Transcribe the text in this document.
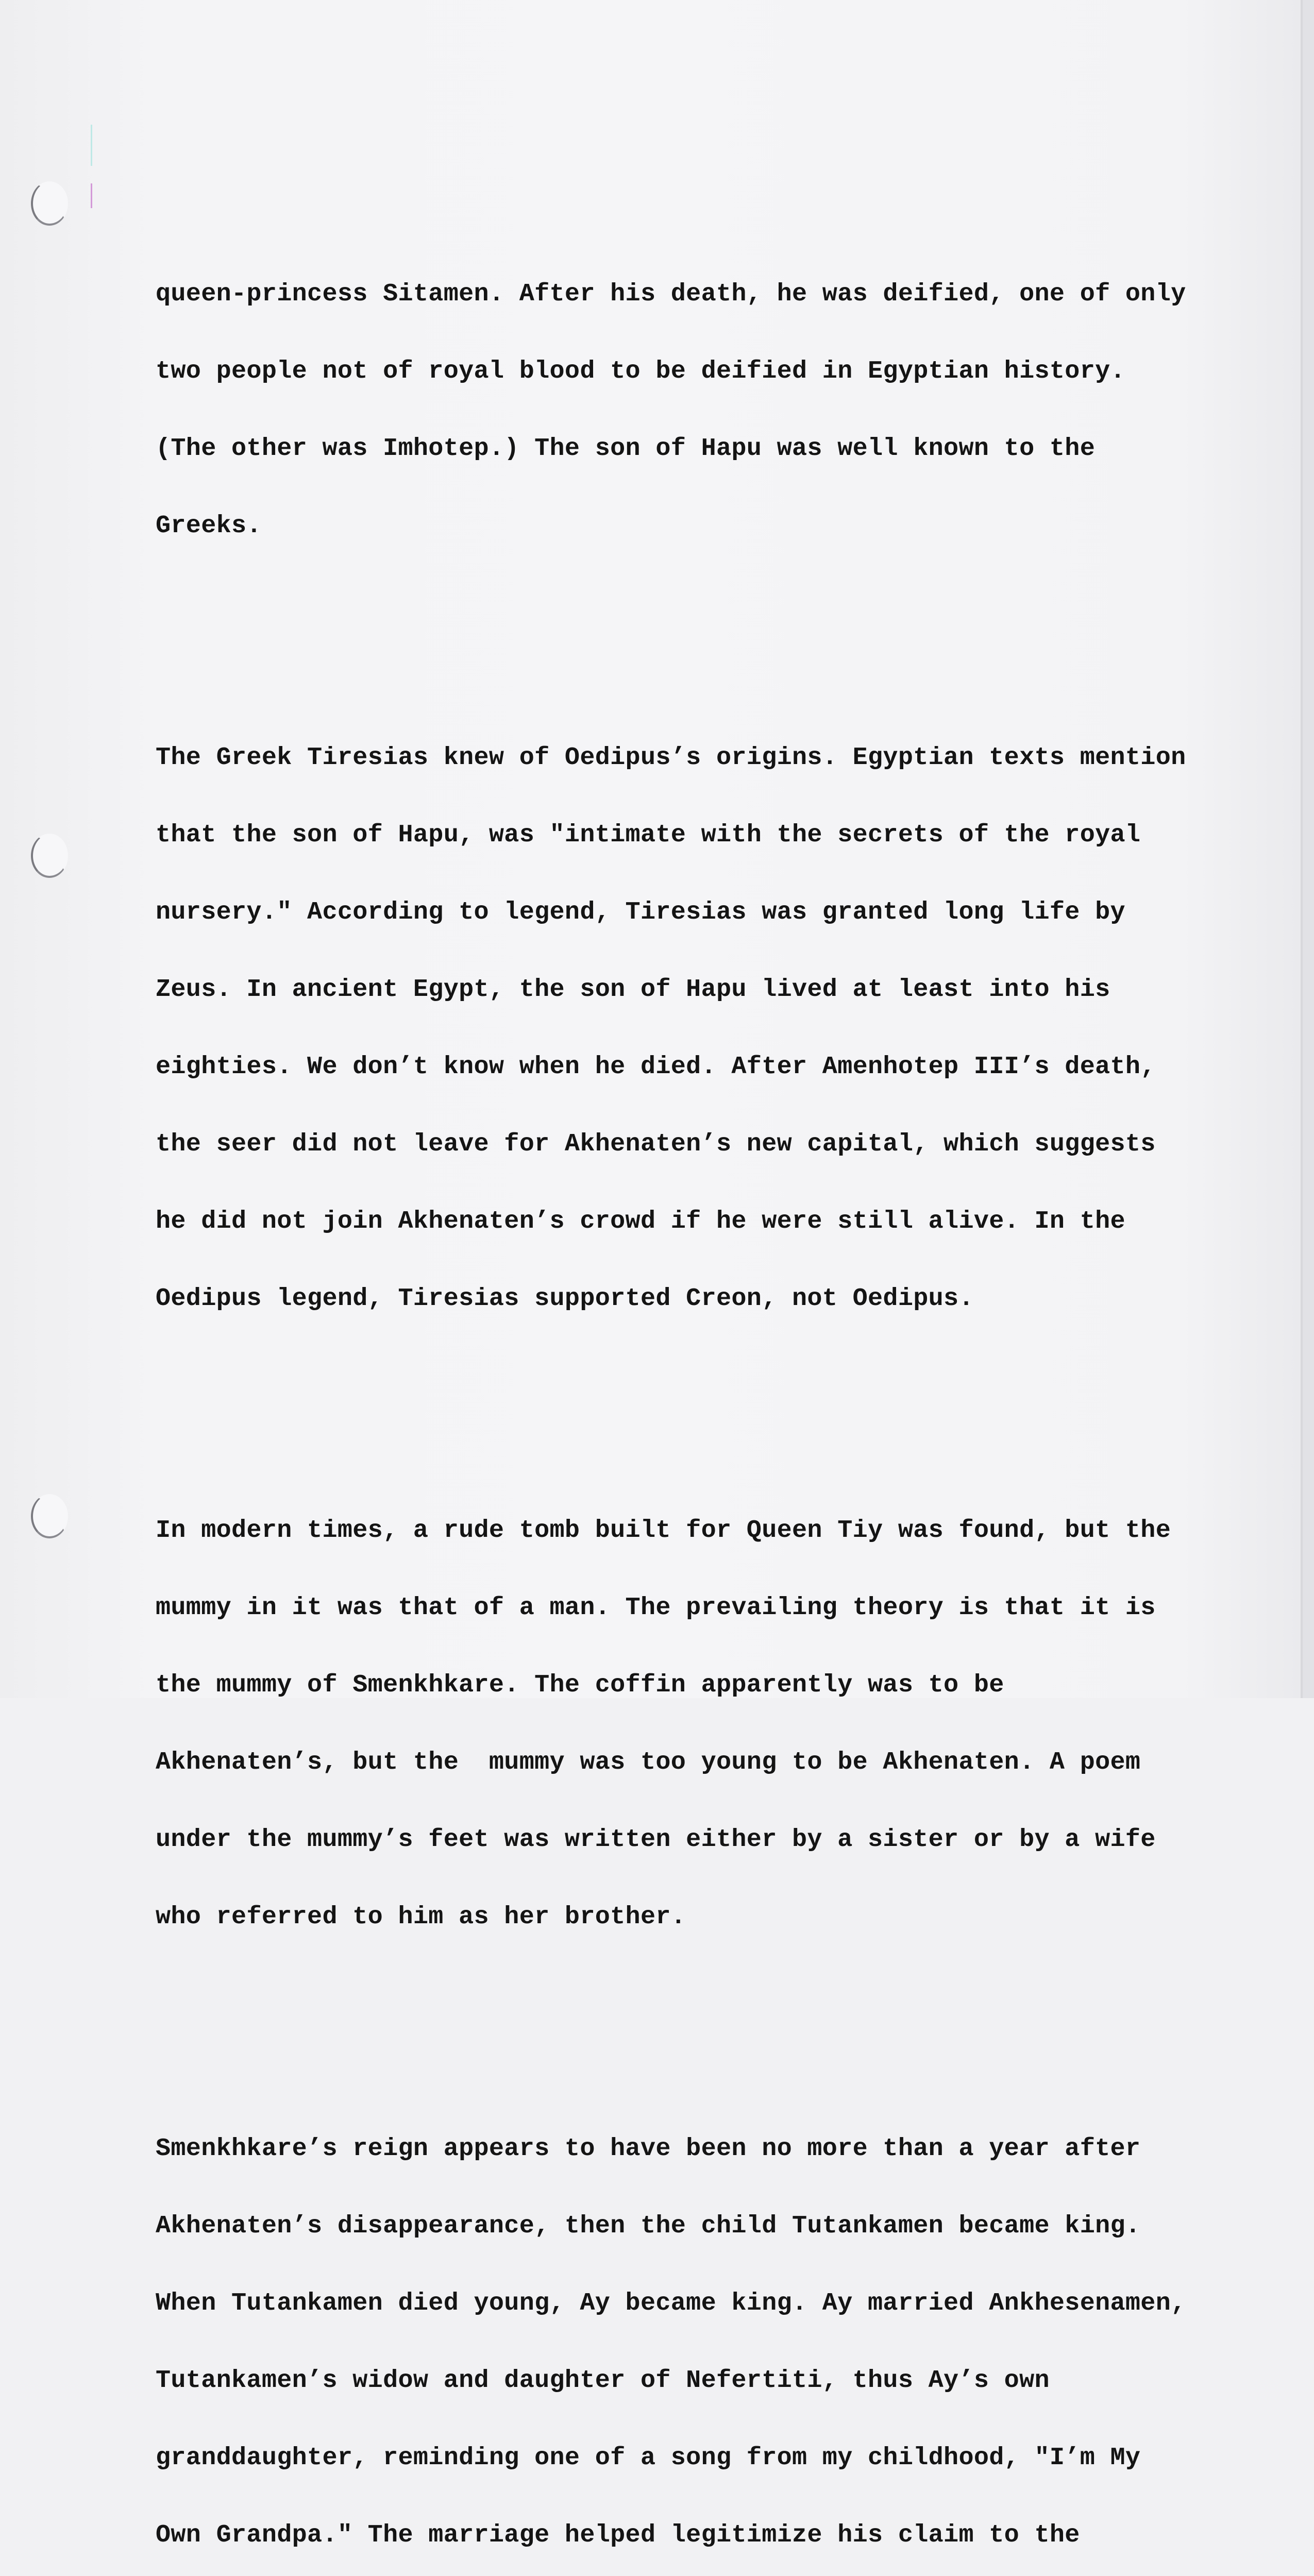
queen-princess Sitamen. After his death, he was deified, one of only

two people not of royal blood to be deified in Egyptian history.

(The other was Imhotep.) The son of Hapu was well known to the

Greeks.

The Greek Tiresias knew of Oedipus’s origins. Egyptian texts mention

that the son of Hapu, was "intimate with the secrets of the royal

nursery." According to legend, Tiresias was granted long life by

Zeus. In ancient Egypt, the son of Hapu lived at least into his

eighties. We don’t know when he died. After Amenhotep III’s death,

the seer did not leave for Akhenaten’s new capital, which suggests

he did not join Akhenaten’s crowd if he were still alive. In the

Oedipus legend, Tiresias supported Creon, not Oedipus.

In modern times, a rude tomb built for Queen Tiy was found, but the

mummy in it was that of a man. The prevailing theory is that it is

the mummy of Smenkhkare. The coffin apparently was to be

Akhenaten’s, but the  mummy was too young to be Akhenaten. A poem

under the mummy’s feet was written either by a sister or by a wife

who referred to him as her brother.

Smenkhkare’s reign appears to have been no more than a year after

Akhenaten’s disappearance, then the child Tutankamen became king.

When Tutankamen died young, Ay became king. Ay married Ankhesenamen,

Tutankamen’s widow and daughter of Nefertiti, thus Ay’s own

granddaughter, reminding one of a song from my childhood, "I’m My

Own Grandpa." The marriage helped legitimize his claim to the
